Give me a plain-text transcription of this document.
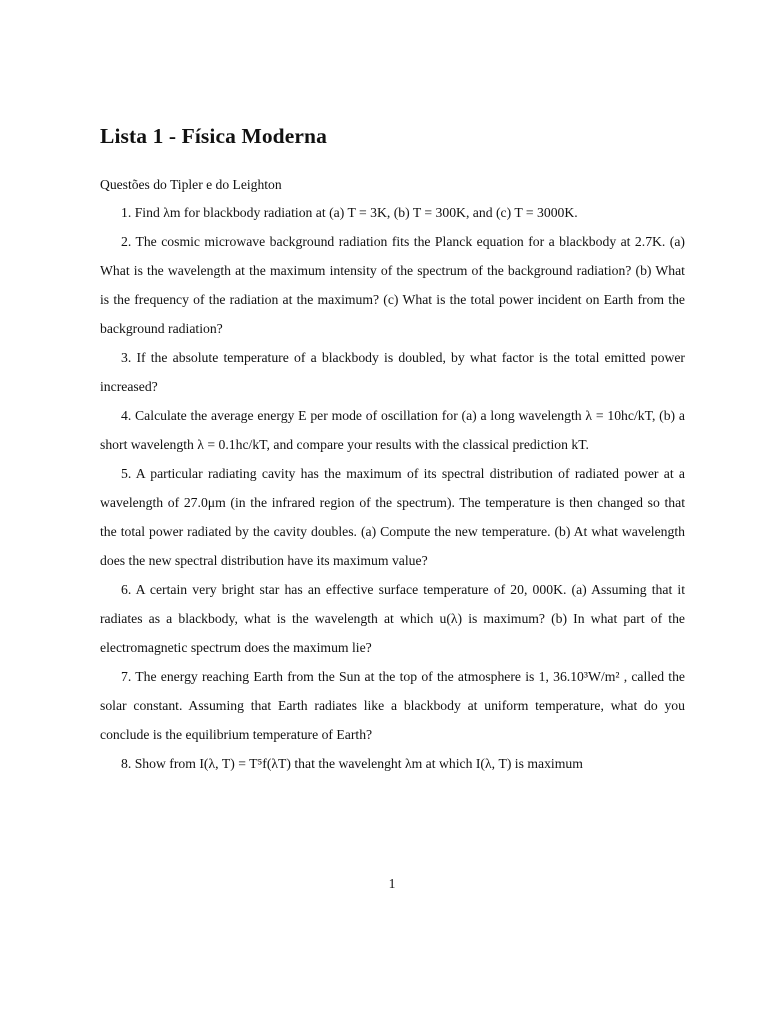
Lista 1 - Física Moderna
Questões do Tipler e do Leighton

1. Find λm for blackbody radiation at (a) T = 3K, (b) T = 300K, and (c) T = 3000K.

2. The cosmic microwave background radiation fits the Planck equation for a blackbody at 2.7K. (a) What is the wavelength at the maximum intensity of the spectrum of the background radiation? (b) What is the frequency of the radiation at the maximum? (c) What is the total power incident on Earth from the background radiation?

3. If the absolute temperature of a blackbody is doubled, by what factor is the total emitted power increased?

4. Calculate the average energy E per mode of oscillation for (a) a long wavelength λ = 10hc/kT, (b) a short wavelength λ = 0.1hc/kT, and compare your results with the classical prediction kT.

5. A particular radiating cavity has the maximum of its spectral distribution of radiated power at a wavelength of 27.0μm (in the infrared region of the spectrum). The temperature is then changed so that the total power radiated by the cavity doubles. (a) Compute the new temperature. (b) At what wavelength does the new spectral distribution have its maximum value?

6. A certain very bright star has an effective surface temperature of 20, 000K. (a) Assuming that it radiates as a blackbody, what is the wavelength at which u(λ) is maximum? (b) In what part of the electromagnetic spectrum does the maximum lie?

7. The energy reaching Earth from the Sun at the top of the atmosphere is 1, 36.10³W/m² , called the solar constant. Assuming that Earth radiates like a blackbody at uniform temperature, what do you conclude is the equilibrium temperature of Earth?

8. Show from I(λ, T) = T⁵f(λT) that the wavelenght λm at which I(λ, T) is maximum

1
